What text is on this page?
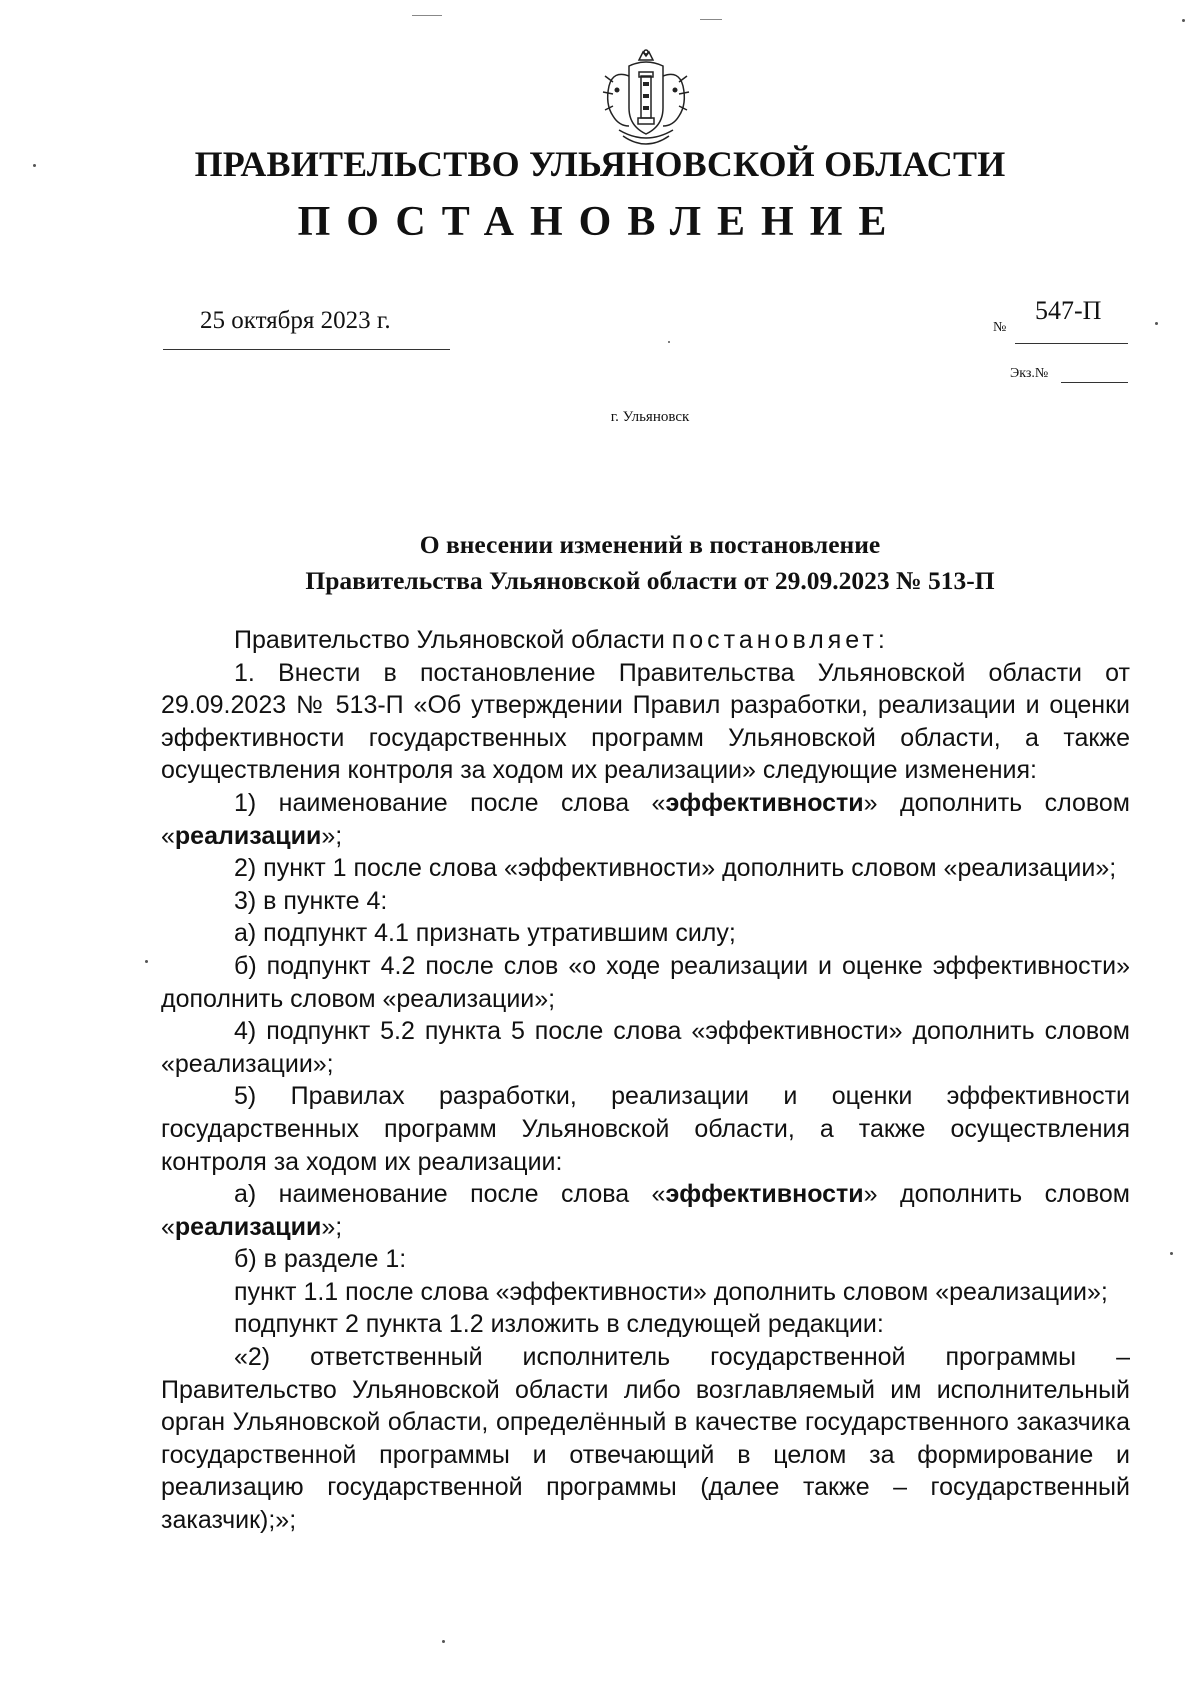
ПРАВИТЕЛЬСТВО УЛЬЯНОВСКОЙ ОБЛАСТИ
ПОСТАНОВЛЕНИЕ
25 октября 2023 г.	№
547-П
Экз.№
г. Ульяновск
О внесении изменений в постановление
Правительства Ульяновской области от 29.09.2023 № 513-П

Правительство Ульяновской области постановляет:

1. Внести в постановление Правительства Ульяновской области от 29.09.2023 № 513-П «Об утверждении Правил разработки, реализации и оценки эффективности государственных программ Ульяновской области, а также осуществления контроля за ходом их реализации» следующие изменения:

1) наименование после слова «эффективности» дополнить словом «реализации»;

2) пункт 1 после слова «эффективности» дополнить словом «реализации»;

3) в пункте 4:

а) подпункт 4.1 признать утратившим силу;

б) подпункт 4.2 после слов «о ходе реализации и оценке эффективности» дополнить словом «реализации»;

4) подпункт 5.2 пункта 5 после слова «эффективности» дополнить словом «реализации»;

5) Правилах разработки, реализации и оценки эффективности государственных программ Ульяновской области, а также осуществления контроля за ходом их реализации:

а) наименование после слова «эффективности» дополнить словом «реализации»;

б) в разделе 1:

пункт 1.1 после слова «эффективности» дополнить словом «реализации»;

подпункт 2 пункта 1.2 изложить в следующей редакции:

«2) ответственный исполнитель государственной программы – Правительство Ульяновской области либо возглавляемый им исполнительный орган Ульяновской области, определённый в качестве государственного заказчика государственной программы и отвечающий в целом за формирование и реализацию государственной программы (далее также – государственный заказчик);»;
